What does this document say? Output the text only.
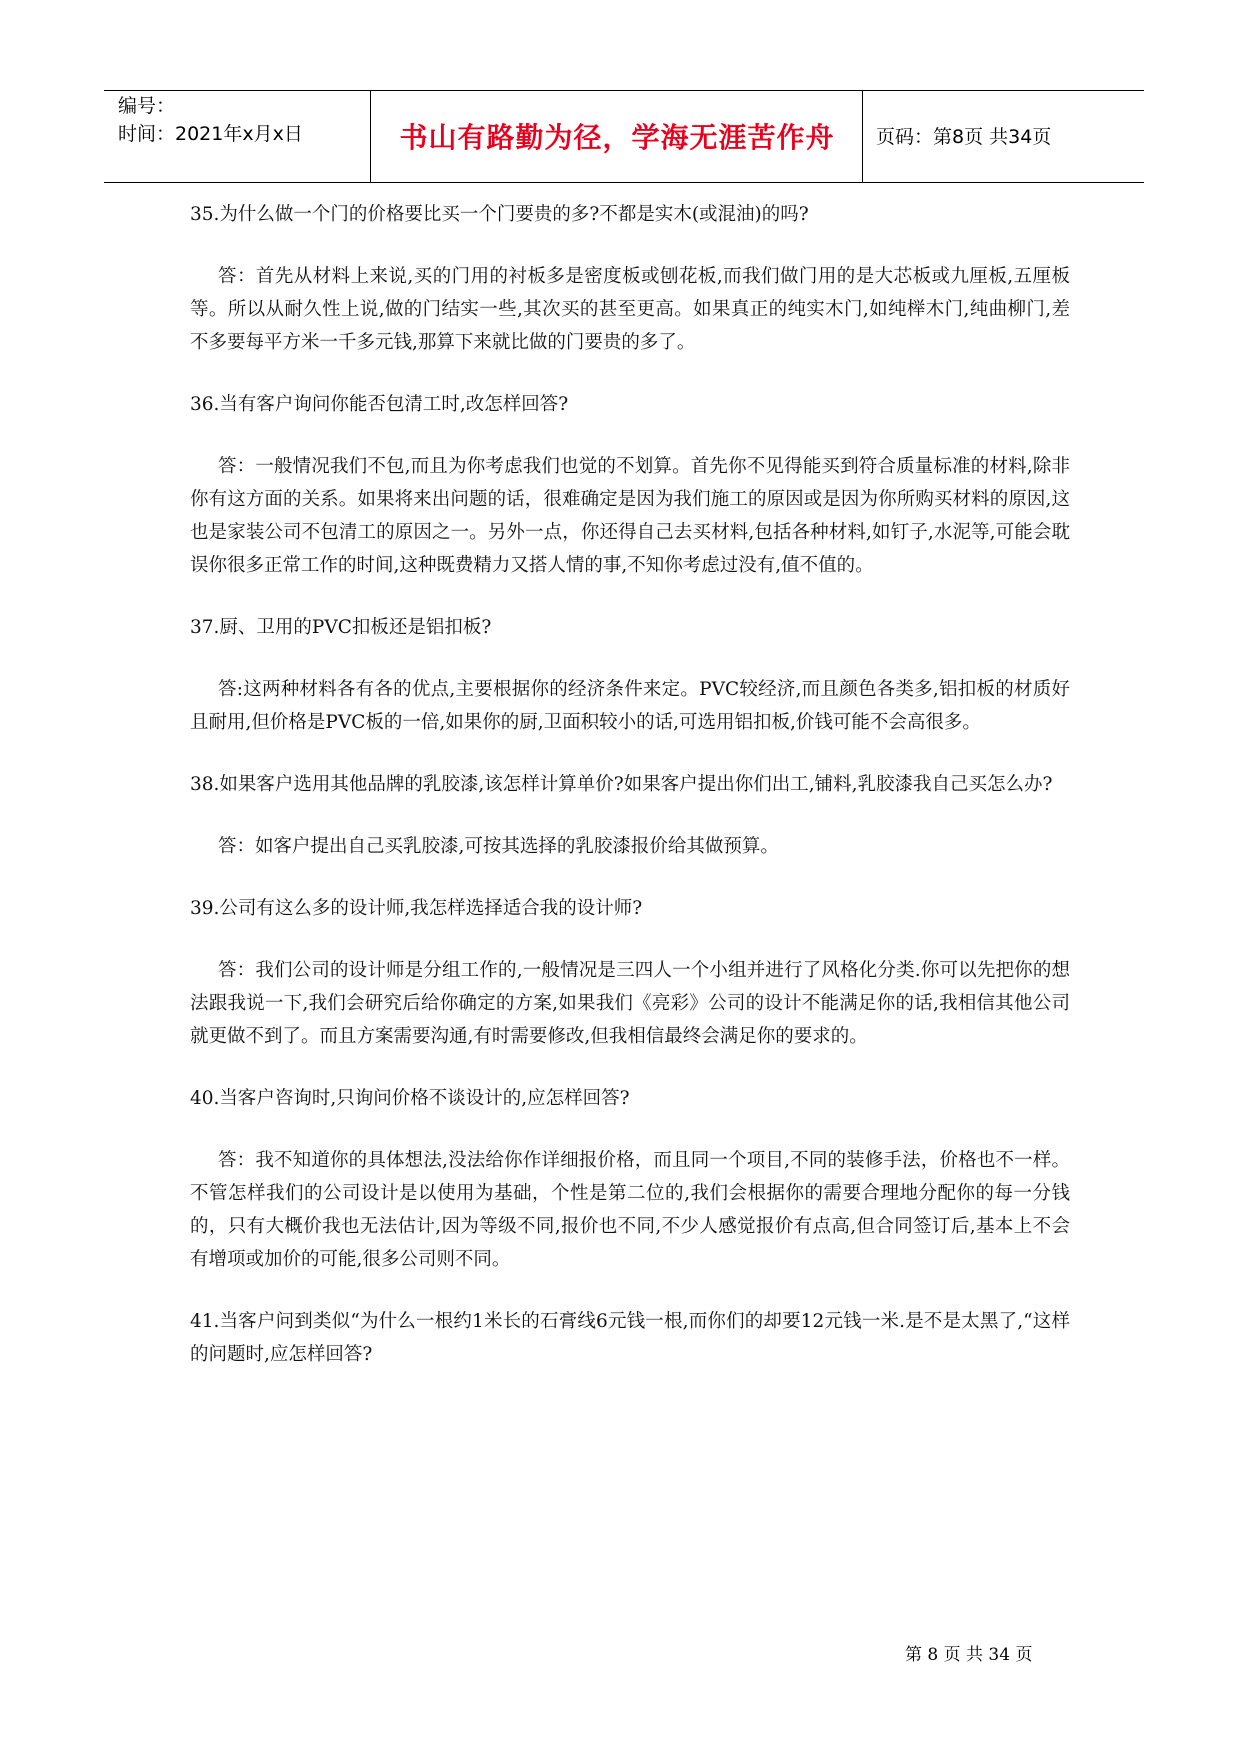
编号：
时间：2021年x月x日	书山有路勤为径，学海无涯苦作舟	页码：第8页 共34页

35.为什么做一个门的价格要比买一个门要贵的多?不都是实木(或混油)的吗?

答：首先从材料上来说,买的门用的衬板多是密度板或刨花板,而我们做门用的是大芯板或九厘板,五厘板等。所以从耐久性上说,做的门结实一些,其次买的甚至更高。如果真正的纯实木门,如纯榉木门,纯曲柳门,差不多要每平方米一千多元钱,那算下来就比做的门要贵的多了。

36.当有客户询问你能否包清工时,改怎样回答?

答：一般情况我们不包,而且为你考虑我们也觉的不划算。首先你不见得能买到符合质量标准的材料,除非你有这方面的关系。如果将来出问题的话，很难确定是因为我们施工的原因或是因为你所购买材料的原因,这也是家装公司不包清工的原因之一。另外一点，你还得自己去买材料,包括各种材料,如钉子,水泥等,可能会耽误你很多正常工作的时间,这种既费精力又搭人情的事,不知你考虑过没有,值不值的。

37.厨、卫用的PVC扣板还是铝扣板?

答:这两种材料各有各的优点,主要根据你的经济条件来定。PVC较经济,而且颜色各类多,铝扣板的材质好且耐用,但价格是PVC板的一倍,如果你的厨,卫面积较小的话,可选用铝扣板,价钱可能不会高很多。

38.如果客户选用其他品牌的乳胶漆,该怎样计算单价?如果客户提出你们出工,铺料,乳胶漆我自己买怎么办?

答：如客户提出自己买乳胶漆,可按其选择的乳胶漆报价给其做预算。

39.公司有这么多的设计师,我怎样选择适合我的设计师?

答：我们公司的设计师是分组工作的,一般情况是三四人一个小组并进行了风格化分类.你可以先把你的想法跟我说一下,我们会研究后给你确定的方案,如果我们《亮彩》公司的设计不能满足你的话,我相信其他公司就更做不到了。而且方案需要沟通,有时需要修改,但我相信最终会满足你的要求的。

40.当客户咨询时,只询问价格不谈设计的,应怎样回答?

答：我不知道你的具体想法,没法给你作详细报价格，而且同一个项目,不同的装修手法，价格也不一样。不管怎样我们的公司设计是以使用为基础，个性是第二位的,我们会根据你的需要合理地分配你的每一分钱的，只有大概价我也无法估计,因为等级不同,报价也不同,不少人感觉报价有点高,但合同签订后,基本上不会有增项或加价的可能,很多公司则不同。

41.当客户问到类似“为什么一根约1米长的石膏线6元钱一根,而你们的却要12元钱一米.是不是太黑了,“这样的问题时,应怎样回答?

第 8 页 共 34 页
